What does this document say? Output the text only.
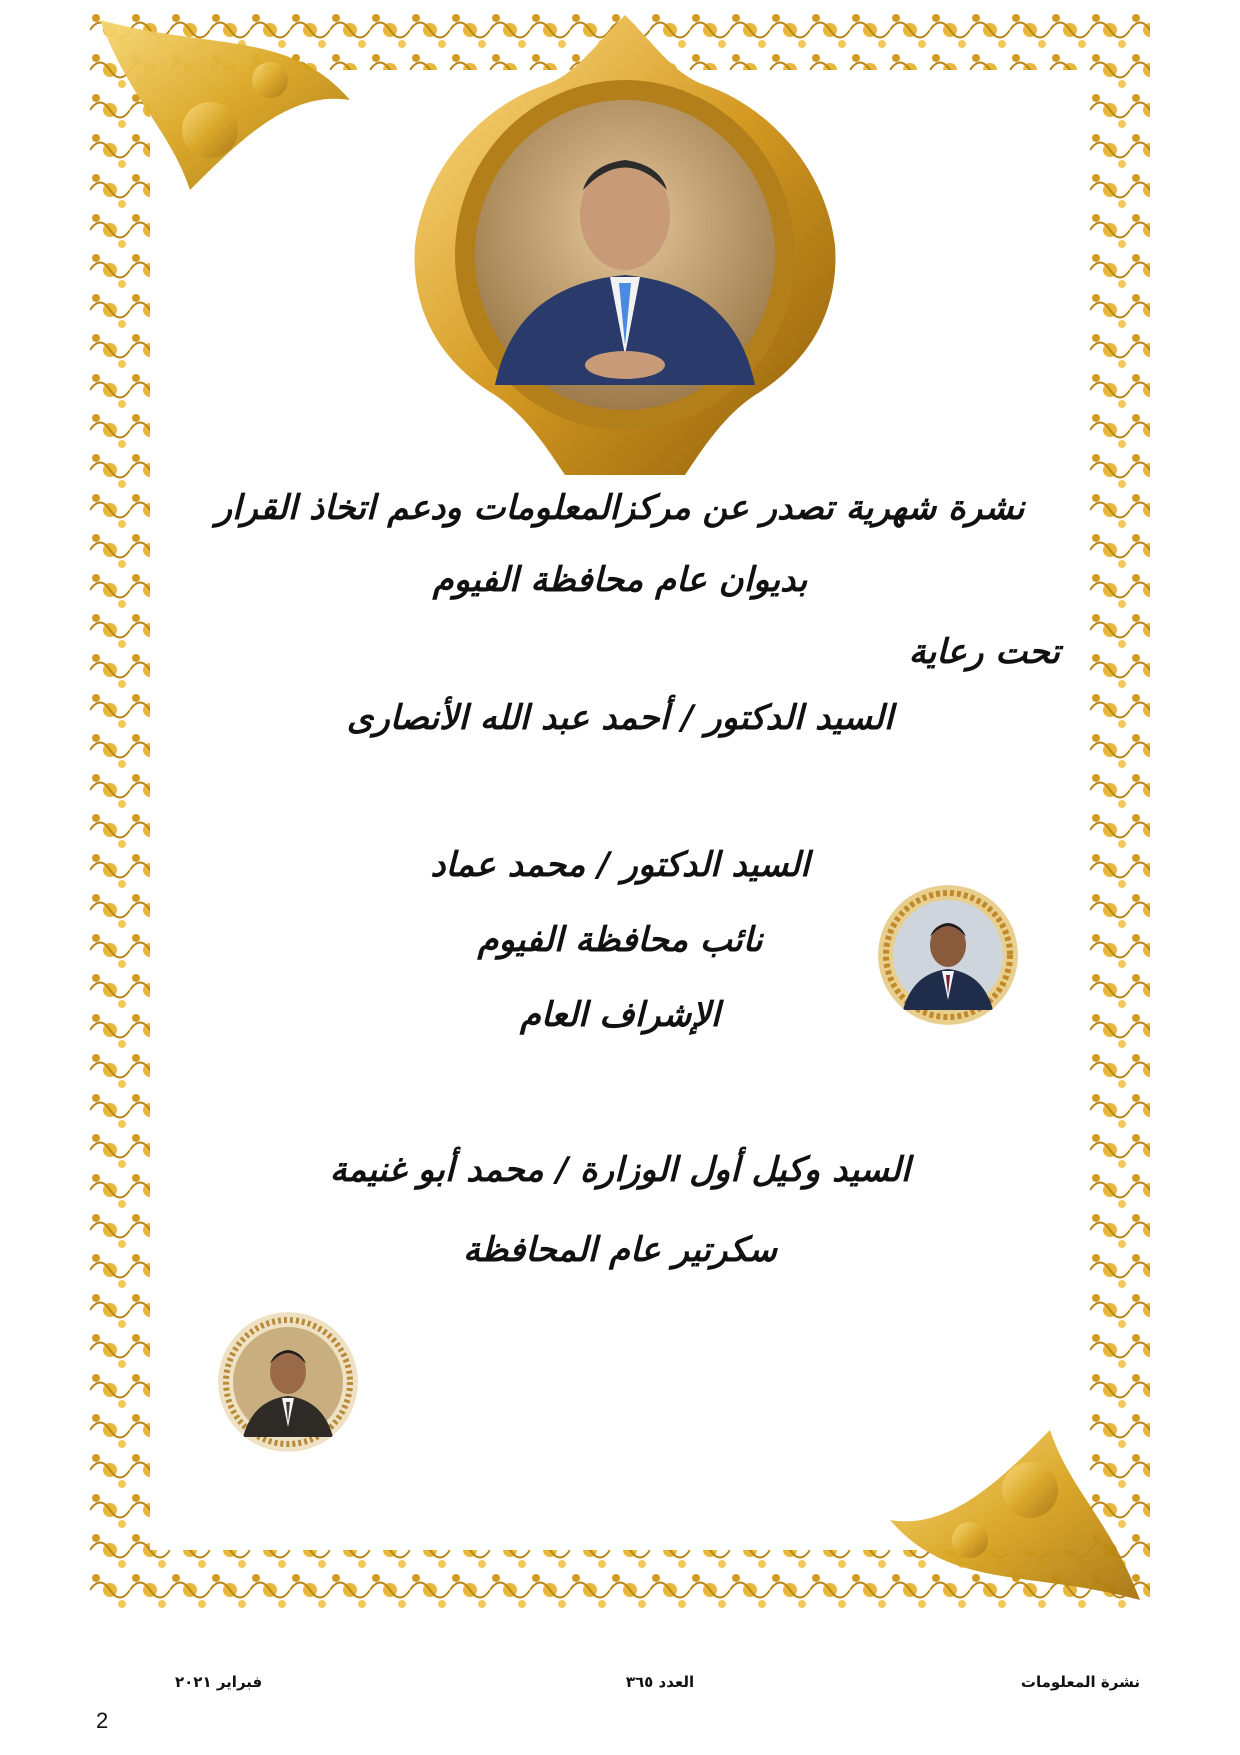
نشرة شهرية تصدر عن مركزالمعلومات ودعم اتخاذ القرار
بديوان عام محافظة الفيوم
تحت رعاية
السيد الدكتور / أحمد عبد الله الأنصارى
السيد الدكتور / محمد عماد
نائب محافظة الفيوم
الإشراف العام
السيد وكيل أول الوزارة / محمد أبو غنيمة
سكرتير عام المحافظة
نشرة المعلومات
العدد ٣٦٥
فبراير ٢٠٢١
2
